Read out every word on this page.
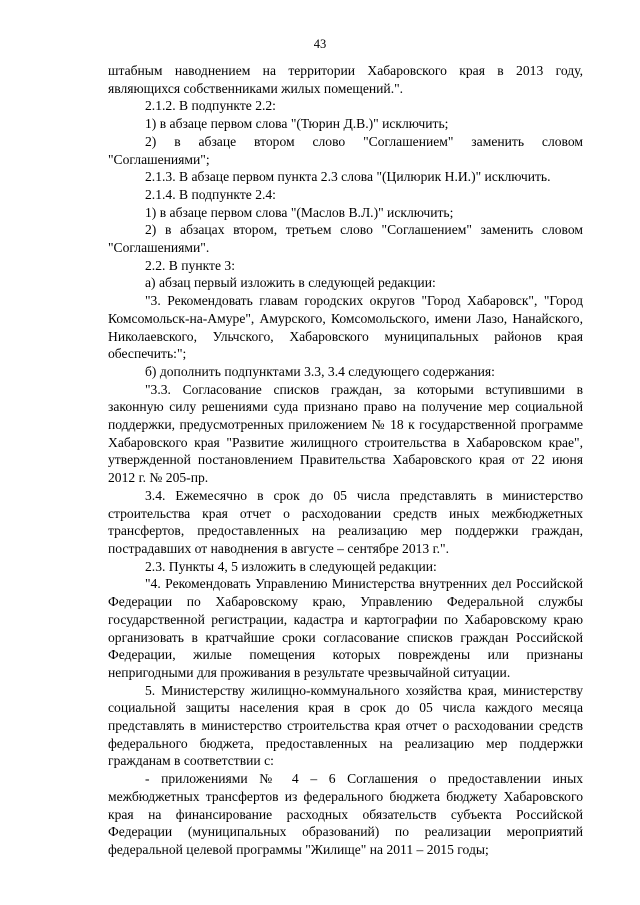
43

штабным наводнением на территории Хабаровского края в 2013 году, являющихся собственниками жилых помещений.".

2.1.2. В подпункте 2.2:

1) в абзаце первом слова "(Тюрин Д.В.)" исключить;

2) в абзаце втором слово "Соглашением" заменить словом "Соглашениями";

2.1.3. В абзаце первом пункта 2.3 слова "(Цилюрик Н.И.)" исключить.

2.1.4. В подпункте 2.4:

1) в абзаце первом слова "(Маслов В.Л.)" исключить;

2) в абзацах втором, третьем слово "Соглашением" заменить словом "Соглашениями".

2.2. В пункте 3:

а) абзац первый изложить в следующей редакции:

"3. Рекомендовать главам городских округов "Город Хабаровск", "Город Комсомольск-на-Амуре", Амурского, Комсомольского, имени Лазо, Нанайского, Николаевского, Ульчского, Хабаровского муниципальных районов края обеспечить:";

б) дополнить подпунктами 3.3, 3.4 следующего содержания:

"3.3. Согласование списков граждан, за которыми вступившими в законную силу решениями суда признано право на получение мер социальной поддержки, предусмотренных приложением № 18 к государственной программе Хабаровского края "Развитие жилищного строительства в Хабаровском крае", утвержденной постановлением Правительства Хабаровского края от 22 июня 2012 г. № 205-пр.

3.4. Ежемесячно в срок до 05 числа представлять в министерство строительства края отчет о расходовании средств иных межбюджетных трансфертов, предоставленных на реализацию мер поддержки граждан, пострадавших от наводнения в августе – сентябре 2013 г.".

2.3. Пункты 4, 5 изложить в следующей редакции:

"4. Рекомендовать Управлению Министерства внутренних дел Российской Федерации по Хабаровскому краю, Управлению Федеральной службы государственной регистрации, кадастра и картографии по Хабаровскому краю организовать в кратчайшие сроки согласование списков граждан Российской Федерации, жилые помещения которых повреждены или признаны непригодными для проживания в результате чрезвычайной ситуации.

5. Министерству жилищно-коммунального хозяйства края, министерству социальной защиты населения края в срок до 05 числа каждого месяца представлять в министерство строительства края отчет о расходовании средств федерального бюджета, предоставленных на реализацию мер поддержки гражданам в соответствии с:

- приложениями № 4 – 6 Соглашения о предоставлении иных межбюджетных трансфертов из федерального бюджета бюджету Хабаровского края на финансирование расходных обязательств субъекта Российской Федерации (муниципальных образований) по реализации мероприятий федеральной целевой программы "Жилище" на 2011 – 2015 годы;
